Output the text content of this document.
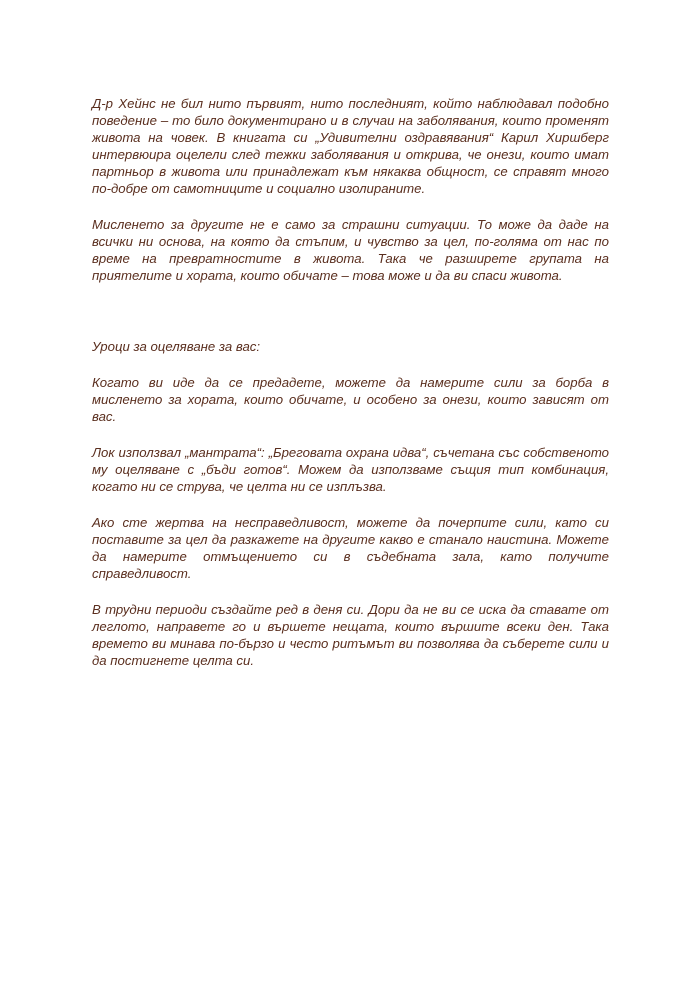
Д-р Хейнс не бил нито първият, нито последният, който наблюдавал подобно поведение – то било документирано и в случаи на заболявания, които променят живота на човек. В книгата си „Удивителни оздравявания“ Карил Хиршберг интервюира оцелели след тежки заболявания и открива, че онези, които имат партньор в живота или принадлежат към някаква общност, се справят много по-добре от самотниците и социално изолираните.

Мисленето за другите не е само за страшни ситуации. То може да даде на всички ни основа, на която да стъпим, и чувство за цел, по-голяма от нас по време на превратностите в живота. Така че разширете групата на приятелите и хората, които обичате – това може и да ви спаси живота.

Уроци за оцеляване за вас:

Когато ви иде да се предадете, можете да намерите сили за борба в мисленето за хората, които обичате, и особено за онези, които зависят от вас.

Лок използвал „мантрата“: „Бреговата охрана идва“, съчетана със собственото му оцеляване с „бъди готов“. Можем да използваме същия тип комбинация, когато ни се струва, че целта ни се изплъзва.

Ако сте жертва на несправедливост, можете да почерпите сили, като си поставите за цел да разкажете на другите какво е станало наистина. Можете да намерите отмъщението си в съдебната зала, като получите справедливост.

В трудни периоди създайте ред в деня си. Дори да не ви се иска да ставате от леглото, направете го и вършете нещата, които вършите всеки ден. Така времето ви минава по-бързо и често ритъмът ви позволява да съберете сили и да постигнете целта си.
